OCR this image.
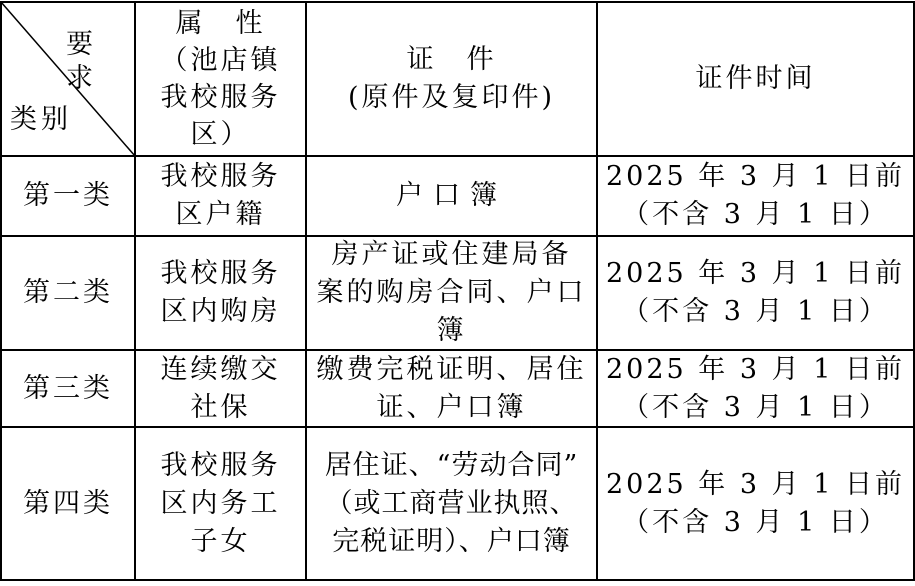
要求
类别
属　性
（池店镇
我校服务
区）
证　件
(原件及复印件)
证件时间
第一类
我校服务
区户籍
户口簿
2025 年 3 月 1 日前
（不含 3 月 1 日）
第二类
我校服务
区内购房
房产证或住建局备
案的购房合同、户口
簿
2025 年 3 月 1 日前
（不含 3 月 1 日）
第三类
连续缴交
社保
缴费完税证明、居住
证、户口簿
2025 年 3 月 1 日前
（不含 3 月 1 日）
第四类
我校服务
区内务工
子女
居住证、“劳动合同”
（或工商营业执照、
完税证明）、户口簿
2025 年 3 月 1 日前
（不含 3 月 1 日）
